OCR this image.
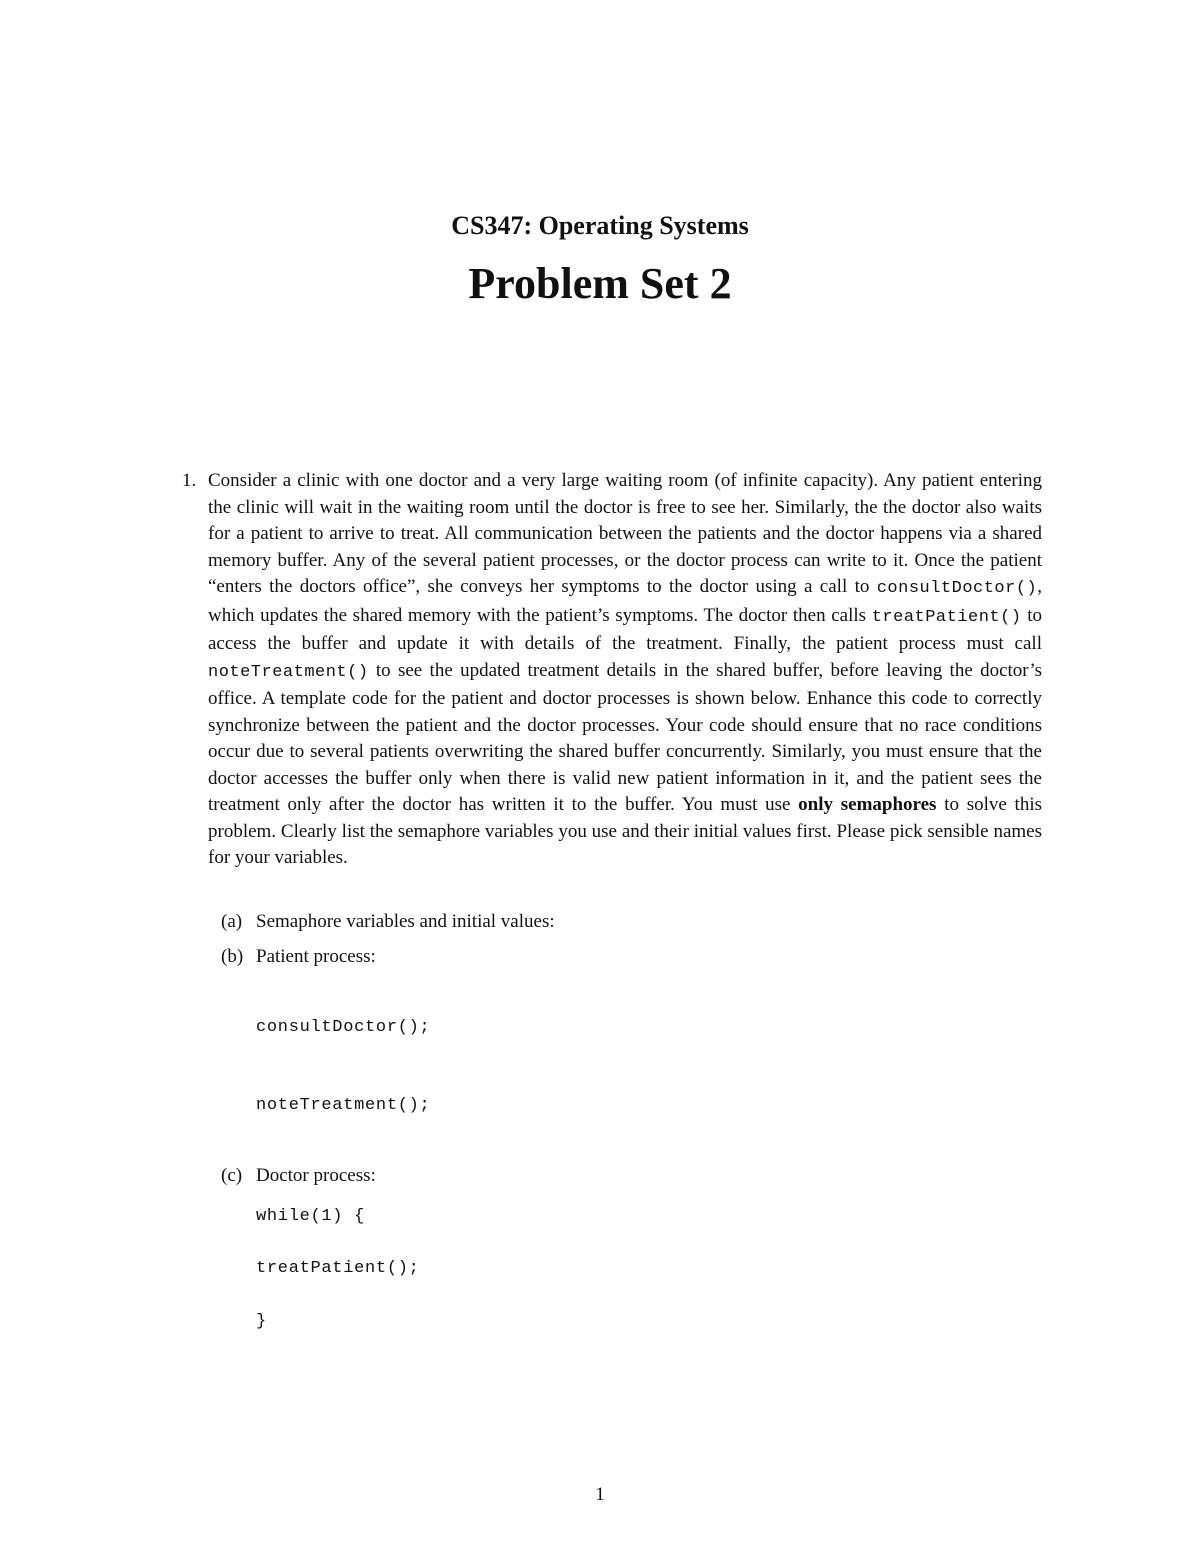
CS347: Operating Systems
Problem Set 2
1. Consider a clinic with one doctor and a very large waiting room (of infinite capacity). Any patient entering the clinic will wait in the waiting room until the doctor is free to see her. Similarly, the the doctor also waits for a patient to arrive to treat. All communication between the patients and the doctor happens via a shared memory buffer. Any of the several patient processes, or the doctor process can write to it. Once the patient “enters the doctors office”, she conveys her symptoms to the doctor using a call to consultDoctor(), which updates the shared memory with the patient’s symptoms. The doctor then calls treatPatient() to access the buffer and update it with details of the treatment. Finally, the patient process must call noteTreatment() to see the updated treatment details in the shared buffer, before leaving the doctor’s office. A template code for the patient and doctor processes is shown below. Enhance this code to correctly synchronize between the patient and the doctor processes. Your code should ensure that no race conditions occur due to several patients overwriting the shared buffer concurrently. Similarly, you must ensure that the doctor accesses the buffer only when there is valid new patient information in it, and the patient sees the treatment only after the doctor has written it to the buffer. You must use only semaphores to solve this problem. Clearly list the semaphore variables you use and their initial values first. Please pick sensible names for your variables.
(a) Semaphore variables and initial values:
(b) Patient process:
consultDoctor();
noteTreatment();
(c) Doctor process:
while(1) {
treatPatient();
}
1
